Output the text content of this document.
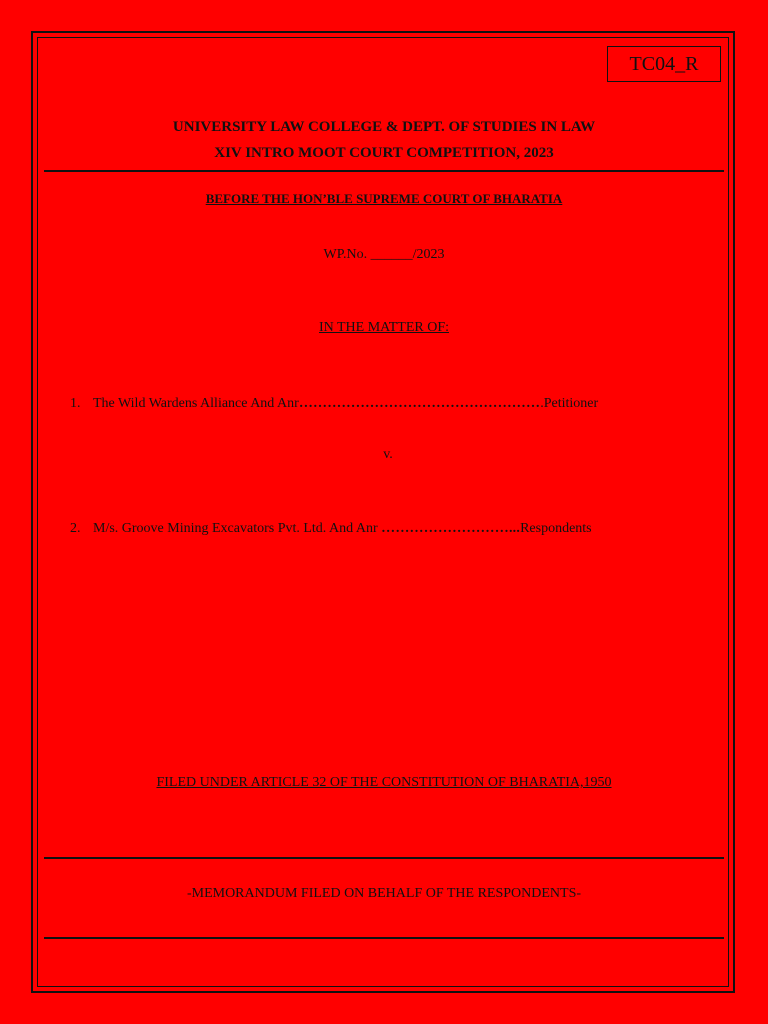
TC04_R
UNIVERSITY LAW COLLEGE & DEPT. OF STUDIES IN LAW
XIV INTRO MOOT COURT COMPETITION, 2023
BEFORE THE HON’BLE SUPREME COURT OF BHARATIA
WP.No. ______/2023
IN THE MATTER OF:
1. The Wild Wardens Alliance And Anr…………………………………………….Petitioner
v.
2. M/s. Groove Mining Excavators Pvt. Ltd. And Anr ………………………...Respondents
FILED UNDER ARTICLE 32 OF THE CONSTITUTION OF BHARATIA,1950
-MEMORANDUM FILED ON BEHALF OF THE RESPONDENTS-
